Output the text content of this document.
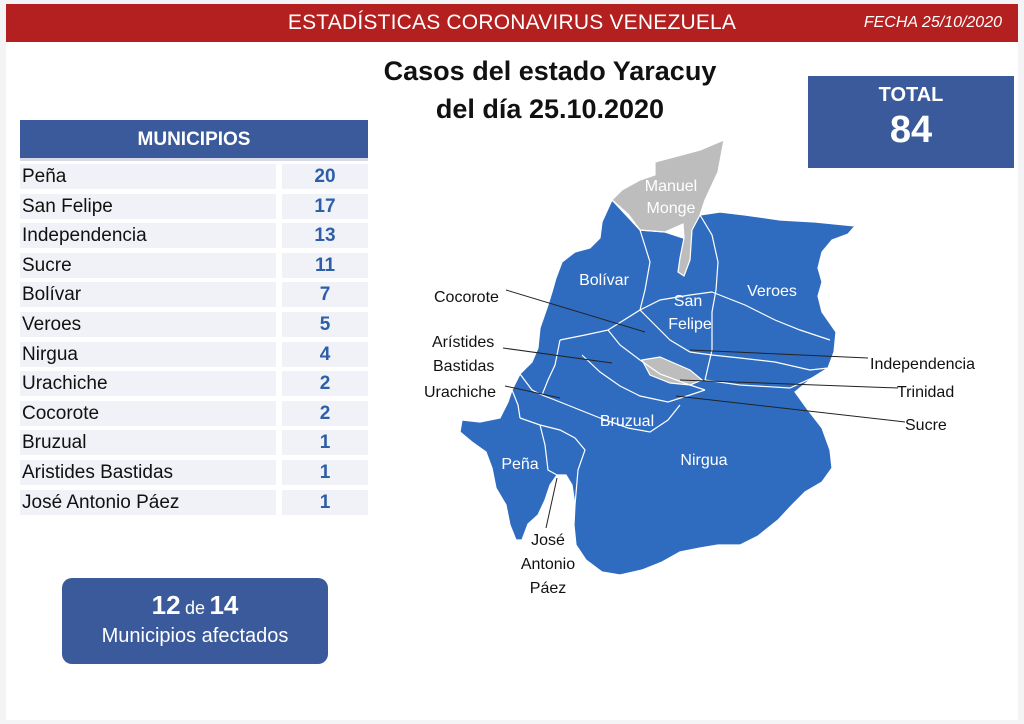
ESTADÍSTICAS CORONAVIRUS VENEZUELA	FECHA 25/10/2020
Manuel
Monge
Bolívar
San
Felipe
Veroes
Bruzual
Nirgua
Peña
Cocorote
Arístides
Bastidas
Urachiche
Independencia
Trinidad
Sucre
José
Antonio
Páez
Casos del estado Yaracuy
del día 25.10.2020	TOTAL
84
MUNICIPIOS
Peña	20
San Felipe	17
Independencia	13
Sucre	11
Bolívar	7
Veroes	5
Nirgua	4
Urachiche	2
Cocorote	2
Bruzual	1
Aristides Bastidas	1
José Antonio Páez	1
12 de 14
Municipios afectados
